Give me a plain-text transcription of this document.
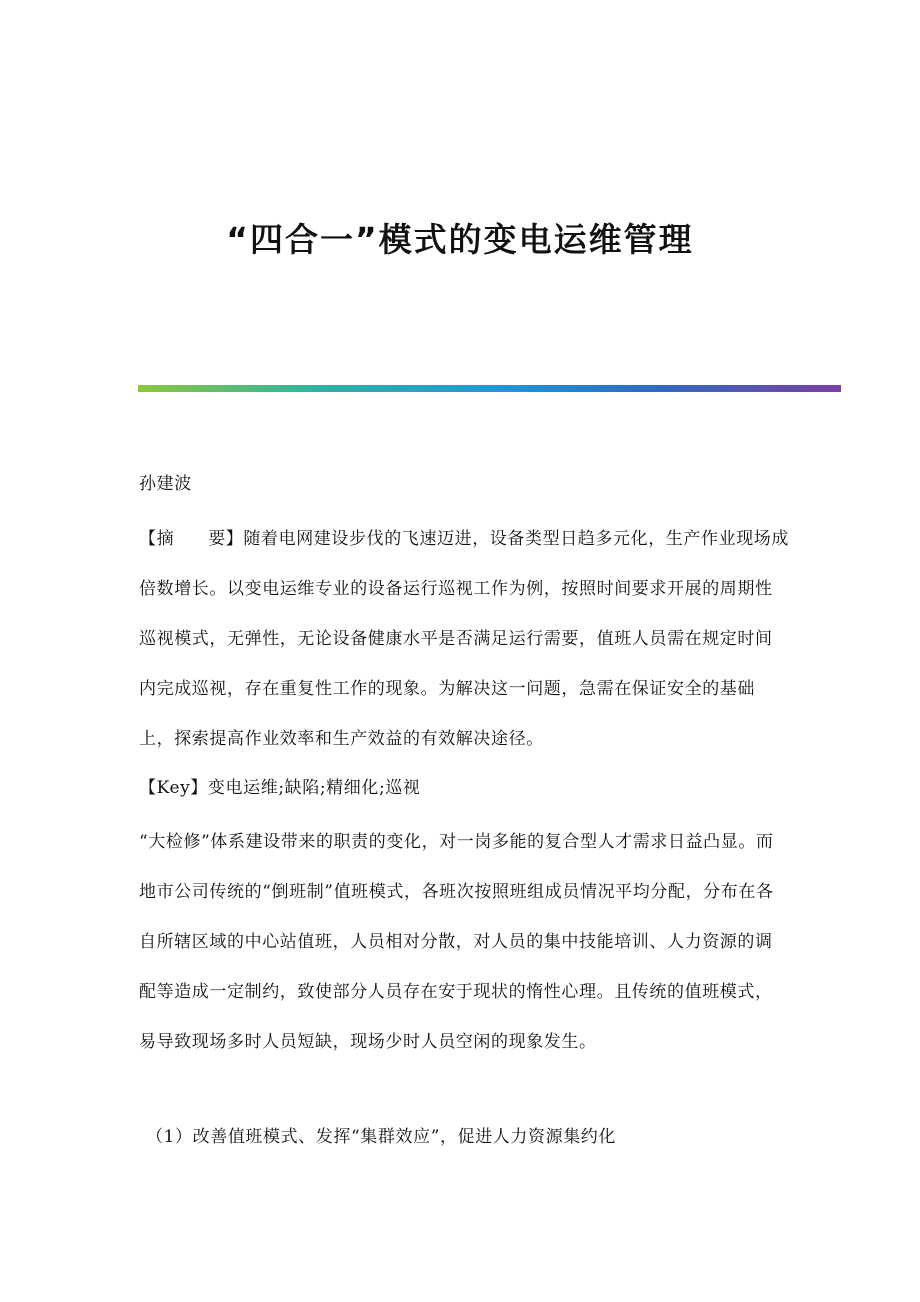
“四合一”模式的变电运维管理

孙建波

【摘 要】随着电网建设步伐的飞速迈进，设备类型日趋多元化，生产作业现场成倍数增长。以变电运维专业的设备运行巡视工作为例，按照时间要求开展的周期性巡视模式，无弹性，无论设备健康水平是否满足运行需要，值班人员需在规定时间内完成巡视，存在重复性工作的现象。为解决这一问题，急需在保证安全的基础上，探索提高作业效率和生产效益的有效解决途径。

【Key】变电运维;缺陷;精细化;巡视

“大检修”体系建设带来的职责的变化，对一岗多能的复合型人才需求日益凸显。而地市公司传统的“倒班制”值班模式，各班次按照班组成员情况平均分配，分布在各自所辖区域的中心站值班，人员相对分散，对人员的集中技能培训、人力资源的调配等造成一定制约，致使部分人员存在安于现状的惰性心理。且传统的值班模式，易导致现场多时人员短缺，现场少时人员空闲的现象发生。

（1）改善值班模式、发挥“集群效应”，促进人力资源集约化
